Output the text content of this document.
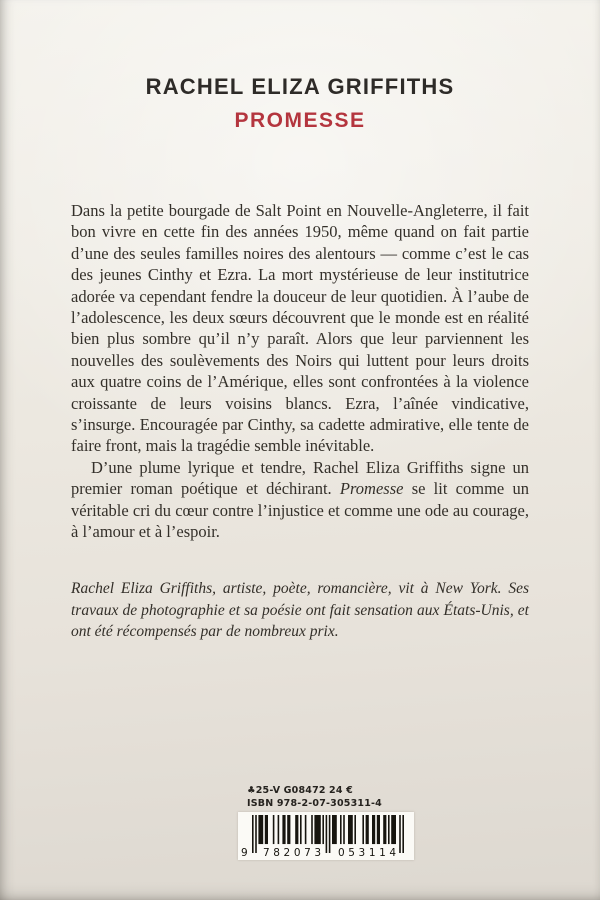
RACHEL ELIZA GRIFFITHS
PROMESSE

Dans la petite bourgade de Salt Point en Nouvelle-Angleterre, il fait bon vivre en cette fin des années 1950, même quand on fait partie d’une des seules familles noires des alentours — comme c’est le cas des jeunes Cinthy et Ezra. La mort mystérieuse de leur institutrice adorée va cependant fendre la douceur de leur quotidien. À l’aube de l’adolescence, les deux sœurs découvrent que le monde est en réalité bien plus sombre qu’il n’y paraît. Alors que leur parviennent les nouvelles des soulèvements des Noirs qui luttent pour leurs droits aux quatre coins de l’Amérique, elles sont confrontées à la violence croissante de leurs voisins blancs. Ezra, l’aînée vindicative, s’insurge. Encouragée par Cinthy, sa cadette admirative, elle tente de faire front, mais la tragédie semble inévitable.

D’une plume lyrique et tendre, Rachel Eliza Griffiths signe un premier roman poétique et déchirant. Promesse se lit comme un véritable cri du cœur contre l’injustice et comme une ode au courage, à l’amour et à l’espoir.

Rachel Eliza Griffiths, artiste, poète, romancière, vit à New York. Ses travaux de photographie et sa poésie ont fait sensation aux États-Unis, et ont été récompensés par de nombreux prix.

♣25-V G08472 24 €
ISBN 978-2-07-305311-4
9 782073 053114
